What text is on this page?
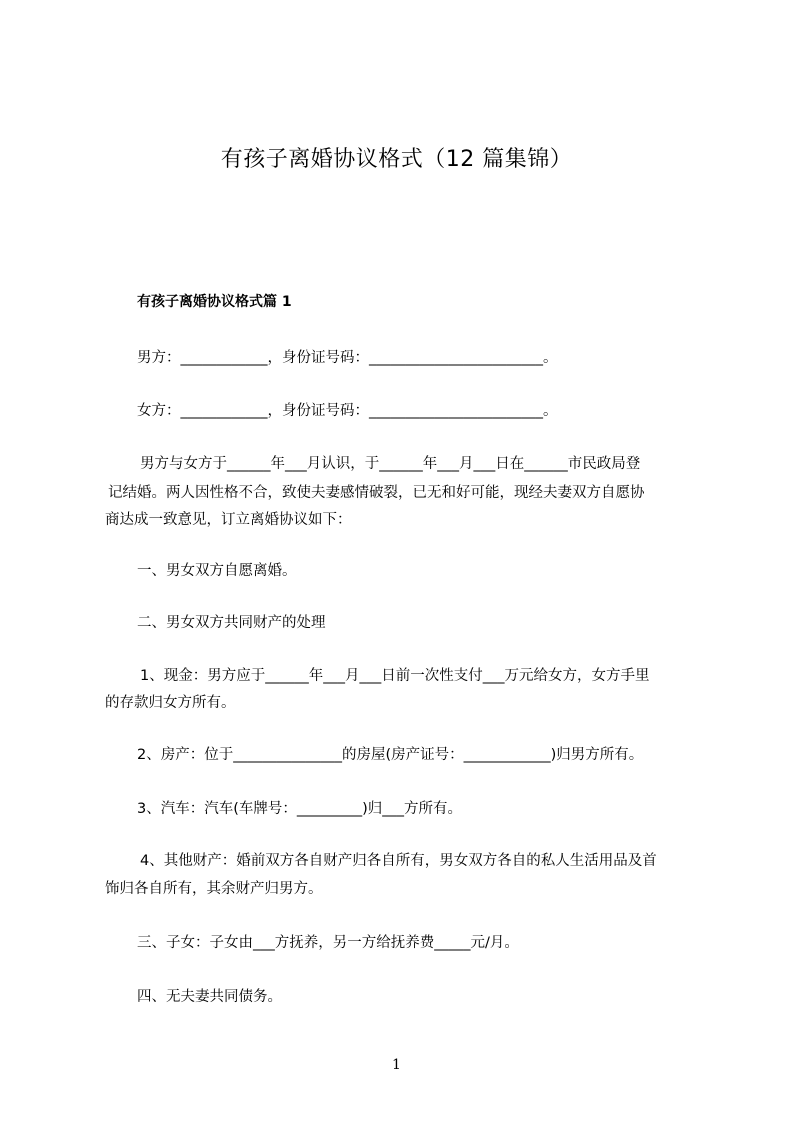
有孩子离婚协议格式（12 篇集锦）
有孩子离婚协议格式篇 1
男方：____________，身份证号码：________________________。
女方：____________，身份证号码：________________________。
男方与女方于______年___月认识，于______年___月___日在______市民政局登
记结婚。两人因性格不合，致使夫妻感情破裂，已无和好可能，现经夫妻双方自愿协
商达成一致意见，订立离婚协议如下：
一、男女双方自愿离婚。
二、男女双方共同财产的处理
1、现金：男方应于______年___月___日前一次性支付___万元给女方，女方手里
的存款归女方所有。
2、房产：位于_______________的房屋(房产证号：____________)归男方所有。
3、汽车：汽车(车牌号：_________)归___方所有。
4、其他财产：婚前双方各自财产归各自所有，男女双方各自的私人生活用品及首
饰归各自所有，其余财产归男方。
三、子女：子女由___方抚养，另一方给抚养费_____元/月。
四、无夫妻共同债务。
1
